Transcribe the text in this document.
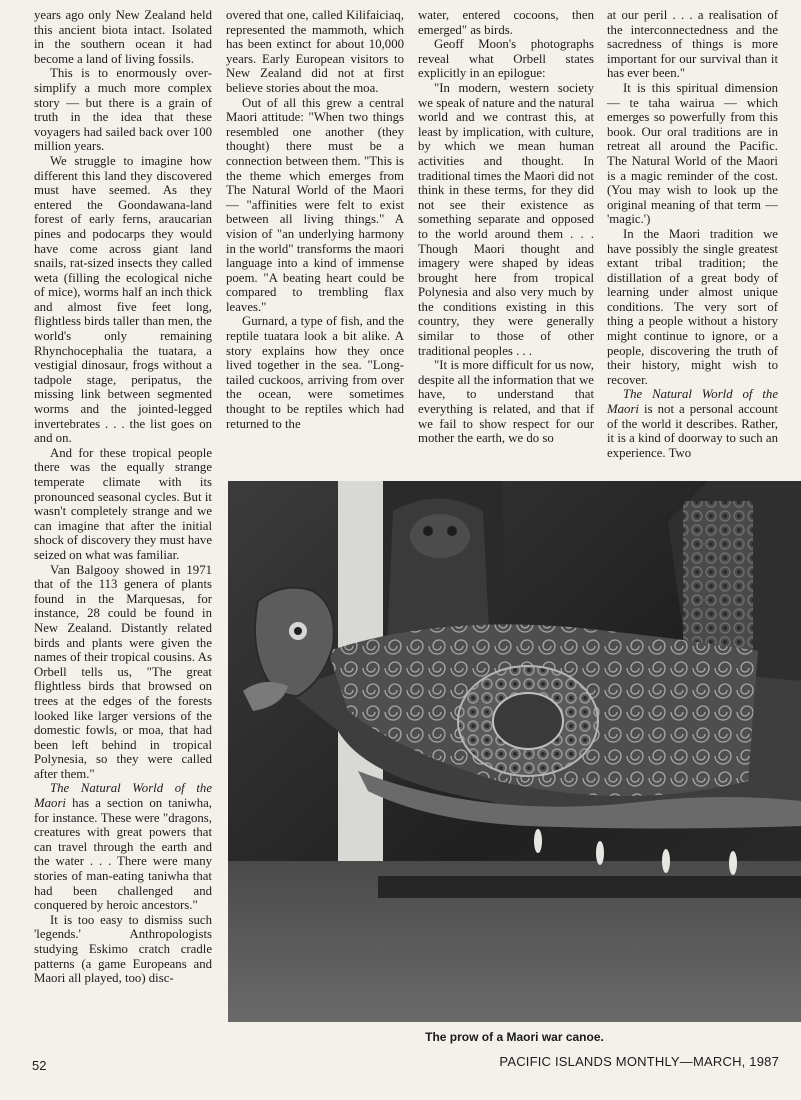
years ago only New Zealand held this ancient biota intact. Isolated in the southern ocean it had become a land of living fossils.

This is to enormously over-simplify a much more complex story — but there is a grain of truth in the idea that these voyagers had sailed back over 100 million years.

We struggle to imagine how different this land they discovered must have seemed. As they entered the Goondawana-land forest of early ferns, araucarian pines and podocarps they would have come across giant land snails, rat-sized insects they called weta (filling the ecological niche of mice), worms half an inch thick and almost five feet long, flightless birds taller than men, the world's only remaining Rhynchocephalia the tuatara, a vestigial dinosaur, frogs without a tadpole stage, peripatus, the missing link between segmented worms and the jointed-legged invertebrates . . . the list goes on and on.

And for these tropical people there was the equally strange temperate climate with its pronounced seasonal cycles. But it wasn't completely strange and we can imagine that after the initial shock of discovery they must have seized on what was familiar.

Van Balgooy showed in 1971 that of the 113 genera of plants found in the Marquesas, for instance, 28 could be found in New Zealand. Distantly related birds and plants were given the names of their tropical cousins. As Orbell tells us, "The great flightless birds that browsed on trees at the edges of the forests looked like larger versions of the domestic fowls, or moa, that had been left behind in tropical Polynesia, so they were called after them."

The Natural World of the Maori has a section on taniwha, for instance. These were "dragons, creatures with great powers that can travel through the earth and the water . . . There were many stories of man-eating taniwha that had been challenged and conquered by heroic ancestors."

It is too easy to dismiss such 'legends.' Anthropologists studying Eskimo cratch cradle patterns (a game Europeans and Maori all played, too) disc-

overed that one, called Kilifaiciaq, represented the mammoth, which has been extinct for about 10,000 years. Early European visitors to New Zealand did not at first believe stories about the moa.

Out of all this grew a central Maori attitude: "When two things resembled one another (they thought) there must be a connection between them. "This is the theme which emerges from The Natural World of the Maori — "affinities were felt to exist between all living things." A vision of "an underlying harmony in the world" transforms the maori language into a kind of immense poem. "A beating heart could be compared to trembling flax leaves."

Gurnard, a type of fish, and the reptile tuatara look a bit alike. A story explains how they once lived together in the sea. "Long-tailed cuckoos, arriving from over the ocean, were sometimes thought to be reptiles which had returned to the

water, entered cocoons, then emerged" as birds.

Geoff Moon's photographs reveal what Orbell states explicitly in an epilogue:

"In modern, western society we speak of nature and the natural world and we contrast this, at least by implication, with culture, by which we mean human activities and thought. In traditional times the Maori did not think in these terms, for they did not see their existence as something separate and opposed to the world around them . . . Though Maori thought and imagery were shaped by ideas brought here from tropical Polynesia and also very much by the conditions existing in this country, they were generally similar to those of other traditional peoples . . .

"It is more difficult for us now, despite all the information that we have, to understand that everything is related, and that if we fail to show respect for our mother the earth, we do so

at our peril . . . a realisation of the interconnectedness and the sacredness of things is more important for our survival than it has ever been."

It is this spiritual dimension — te taha wairua — which emerges so powerfully from this book. Our oral traditions are in retreat all around the Pacific. The Natural World of the Maori is a magic reminder of the cost. (You may wish to look up the original meaning of that term — 'magic.')

In the Maori tradition we have possibly the single greatest extant tribal tradition; the distillation of a great body of learning under almost unique conditions. The very sort of thing a people without a history might continue to ignore, or a people, discovering the truth of their history, might wish to recover.

The Natural World of the Maori is not a personal account of the world it describes. Rather, it is a kind of doorway to such an experience. Two

The prow of a Maori war canoe.
52	PACIFIC ISLANDS MONTHLY—MARCH, 1987
